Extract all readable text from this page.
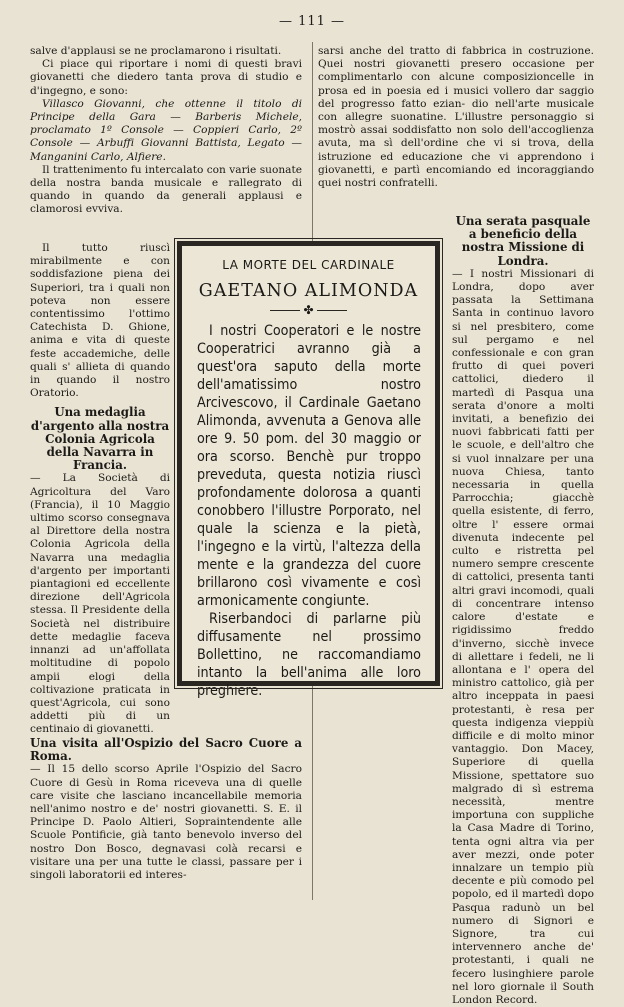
— 111 —

salve d'applausi se ne proclamarono i risultati.

Ci piace qui riportare i nomi di questi bravi giovanetti che diedero tanta prova di studio e d'ingegno, e sono:

Villasco Giovanni, che ottenne il titolo di Principe della Gara — Barberis Michele, proclamato 1º Console — Coppieri Carlo, 2º Console — Arbuffi Giovanni Battista, Legato — Manganini Carlo, Alfiere.

Il trattenimento fu intercalato con varie suonate della nostra banda musicale e rallegrato di quando in quando da generali applausi e clamorosi evviva.

Il tutto riuscì mirabilmente e con soddisfazione piena dei Superiori, tra i quali non poteva non essere contentissimo l'ottimo Catechista D. Ghione, anima e vita di queste feste accademiche, delle quali s' allieta di quando in quando il nostro Oratorio.

Una medaglia d'argento alla nostra Colonia Agricola della Navarra in Francia.

— La Società di Agricoltura del Varo (Francia), il 10 Maggio ultimo scorso consegnava al Direttore della nostra Colonia Agricola della Navarra una medaglia d'argento per importanti piantagioni ed eccellente direzione dell'Agricola stessa. Il Presidente della Società nel distribuire dette medaglie faceva innanzi ad un'affollata moltitudine di popolo ampii elogi della coltivazione praticata in quest'Agricola, cui sono addetti più di un centinaio di giovanetti.

Una visita all'Ospizio del Sacro Cuore a Roma.

— Il 15 dello scorso Aprile l'Ospizio del Sacro Cuore di Gesù in Roma riceveva una di quelle care visite che lasciano incancellabile memoria nell'animo nostro e de' nostri giovanetti. S. E. il Principe D. Paolo Altieri, Sopraintendente alle Scuole Pontificie, già tanto benevolo inverso del nostro Don Bosco, degnavasi colà recarsi e visitare una per una tutte le classi, passare per i singoli laboratorii ed interes-

sarsi anche del tratto di fabbrica in costruzione. Quei nostri giovanetti presero occasione per complimentarlo con alcune composizioncelle in prosa ed in poesia ed i musici vollero dar saggio del progresso fatto ezian- dio nell'arte musicale con allegre suonatine. L'illustre personaggio si mostrò assai soddisfatto non solo dell'accoglienza avuta, ma sì dell'ordine che vi si trova, della istruzione ed educazione che vi apprendono i giovanetti, e partì encomiando ed incoraggiando quei nostri confratelli.

Una serata pasquale a beneficio della nostra Missione di Londra.

— I nostri Missionari di Londra, dopo aver passata la Settimana Santa in continuo lavoro si nel presbitero, come sul pergamo e nel confessionale e con gran frutto di quei poveri cattolici, diedero il martedì di Pasqua una serata d'onore a molti invitati, a benefizio dei nuovi fabbricati fatti per le scuole, e dell'altro che si vuol innalzare per una nuova Chiesa, tanto necessaria in quella Parrocchia; giacchè quella esistente, di ferro, oltre l' essere ormai divenuta indecente pel culto e ristretta pel numero sempre crescente di cattolici, presenta tanti altri gravi incomodi, quali di concentrare intenso calore d'estate e rigidissimo freddo d'inverno, sicchè invece di allettare i fedeli, ne li allontana e l' opera del ministro cattolico, già per altro inceppata in paesi protestanti, è resa per questa indigenza vieppiù difficile e di molto minor vantaggio. Don Macey, Superiore di quella Missione, spettatore suo malgrado di sì estrema necessità, mentre importuna con suppliche la Casa Madre di Torino, tenta ogni altra via per aver mezzi, onde poter innalzare un tempio più decente e più comodo pel popolo, ed il martedì dopo Pasqua radunò un bel numero di Signori e Signore, tra cui intervennero anche de' protestanti, i quali ne fecero lusinghiere parole nel loro giornale il South London Record.

LA MORTE DEL CARDINALE
GAETANO ALIMONDA
✤

I nostri Cooperatori e le nostre Cooperatrici avranno già a quest'ora saputo della morte dell'amatissimo nostro Arcivescovo, il Cardinale Gaetano Alimonda, avvenuta a Genova alle ore 9. 50 pom. del 30 maggio or ora scorso. Benchè pur troppo preveduta, questa notizia riuscì profondamente dolorosa a quanti conobbero l'illustre Porporato, nel quale la scienza e la pietà, l'ingegno e la virtù, l'altezza della mente e la grandezza del cuore brillarono così vivamente e così armonicamente congiunte.

Riserbandoci di parlarne più diffusamente nel prossimo Bollettino, ne raccomandiamo intanto la bell'anima alle loro preghiere.
